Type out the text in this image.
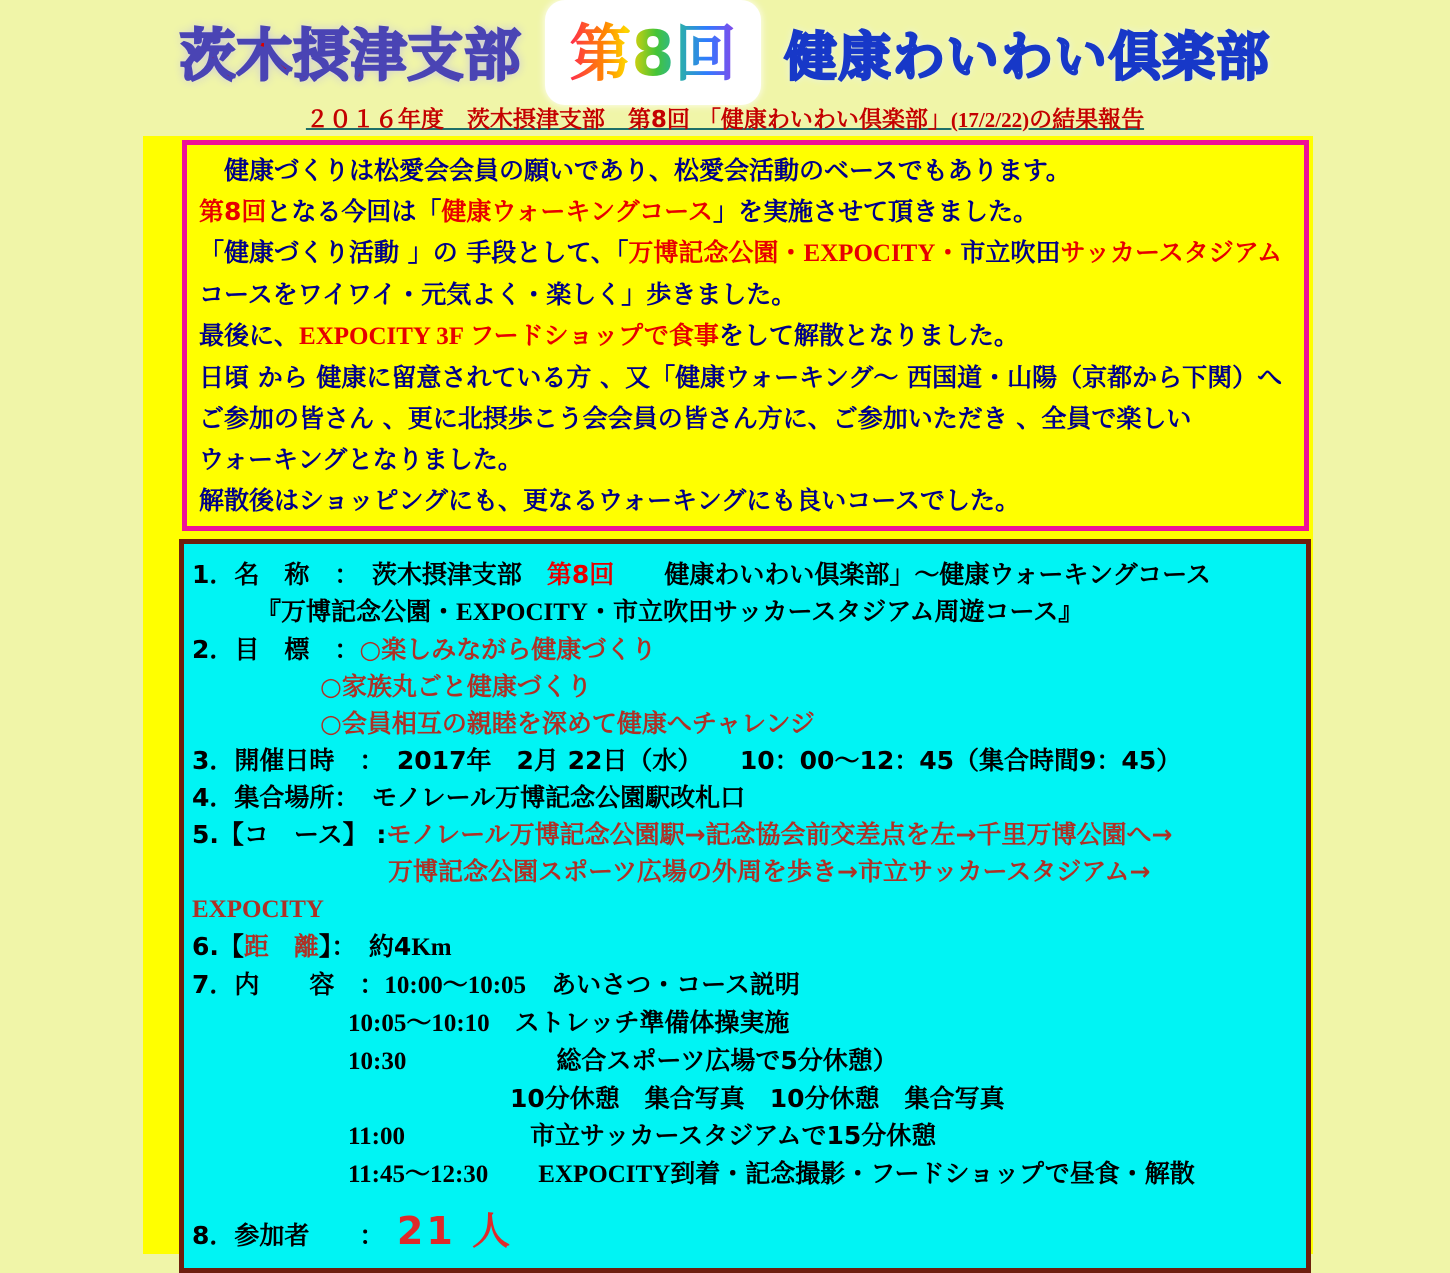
茨木摂津支部 第8回 健康わいわい倶楽部
２０１６年度　茨木摂津支部　第8回 「健康わいわい倶楽部」(17/2/22)の結果報告
　健康づくりは松愛会会員の願いであり、松愛会活動のベースでもあります。
第8回となる今回は「健康ウォーキングコース」を実施させて頂きました。
「健康づくり活動 」の 手段として、「万博記念公園・EXPOCITY・市立吹田サッカースタジアム
コースをワイワイ・元気よく・楽しく」歩きました。
最後に、EXPOCITY 3F フードショップで食事をして解散となりました。
日頃 から 健康に留意されている方 、又「健康ウォーキング～ 西国道・山陽（京都から下関）へ
ご参加の皆さん 、更に北摂歩こう会会員の皆さん方に、ご参加いただき 、全員で楽しい
ウォーキングとなりました。
解散後はショッピングにも、更なるウォーキングにも良いコースでした。
1．名　称　：　茨木摂津支部　第8回　　健康わいわい倶楽部」～健康ウォーキングコース
『万博記念公園・EXPOCITY・市立吹田サッカースタジアム周遊コース』
2．目　標　：○楽しみながら健康づくり
○家族丸ごと健康づくり
○会員相互の親睦を深めて健康へチャレンジ
3．開催日時　：　2017年　2月 22日（水）　　10：00～12：45（集合時間9：45）
4．集合場所：　モノレール万博記念公園駅改札口
5.【コ　ース】 :モノレール万博記念公園駅→記念協会前交差点を左→千里万博公園へ→
万博記念公園スポーツ広場の外周を歩き→市立サッカースタジアム→
EXPOCITY
6.【距　離】：　約4Km
7．内　　容　：10:00～10:05　あいさつ・コース説明
10:05～10:10　ストレッチ準備体操実施
10:30　　　　　　総合スポーツ広場で5分休憩）
10分休憩　集合写真　10分休憩　集合写真
11:00　　　　　市立サッカースタジアムで15分休憩
11:45～12:30　　 EXPOCITY到着・記念撮影・フードショップで昼食・解散
8．参加者　　：　21 人
